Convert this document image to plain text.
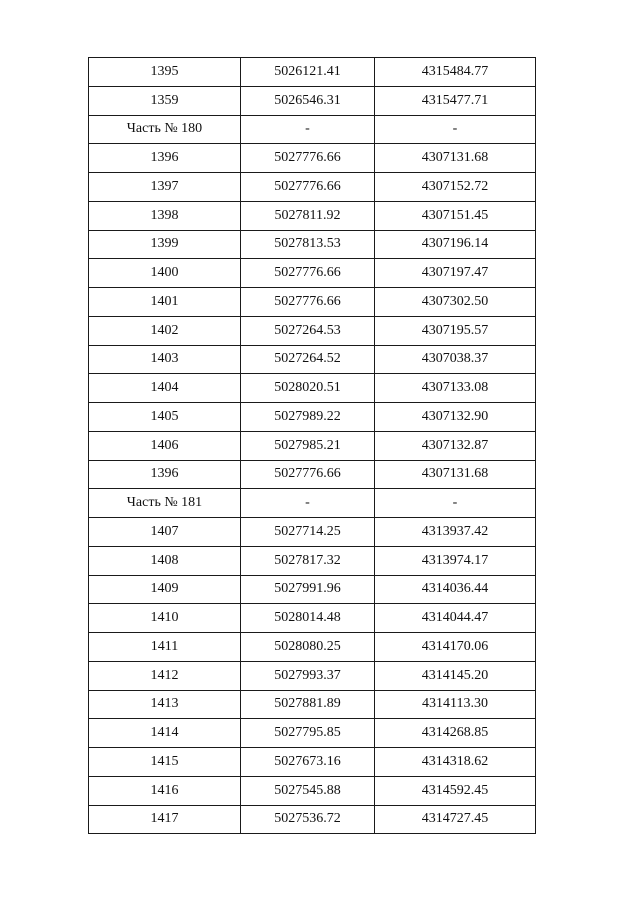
1395	5026121.41	4315484.77
1359	5026546.31	4315477.71
Часть № 180	-	-
1396	5027776.66	4307131.68
1397	5027776.66	4307152.72
1398	5027811.92	4307151.45
1399	5027813.53	4307196.14
1400	5027776.66	4307197.47
1401	5027776.66	4307302.50
1402	5027264.53	4307195.57
1403	5027264.52	4307038.37
1404	5028020.51	4307133.08
1405	5027989.22	4307132.90
1406	5027985.21	4307132.87
1396	5027776.66	4307131.68
Часть № 181	-	-
1407	5027714.25	4313937.42
1408	5027817.32	4313974.17
1409	5027991.96	4314036.44
1410	5028014.48	4314044.47
1411	5028080.25	4314170.06
1412	5027993.37	4314145.20
1413	5027881.89	4314113.30
1414	5027795.85	4314268.85
1415	5027673.16	4314318.62
1416	5027545.88	4314592.45
1417	5027536.72	4314727.45
